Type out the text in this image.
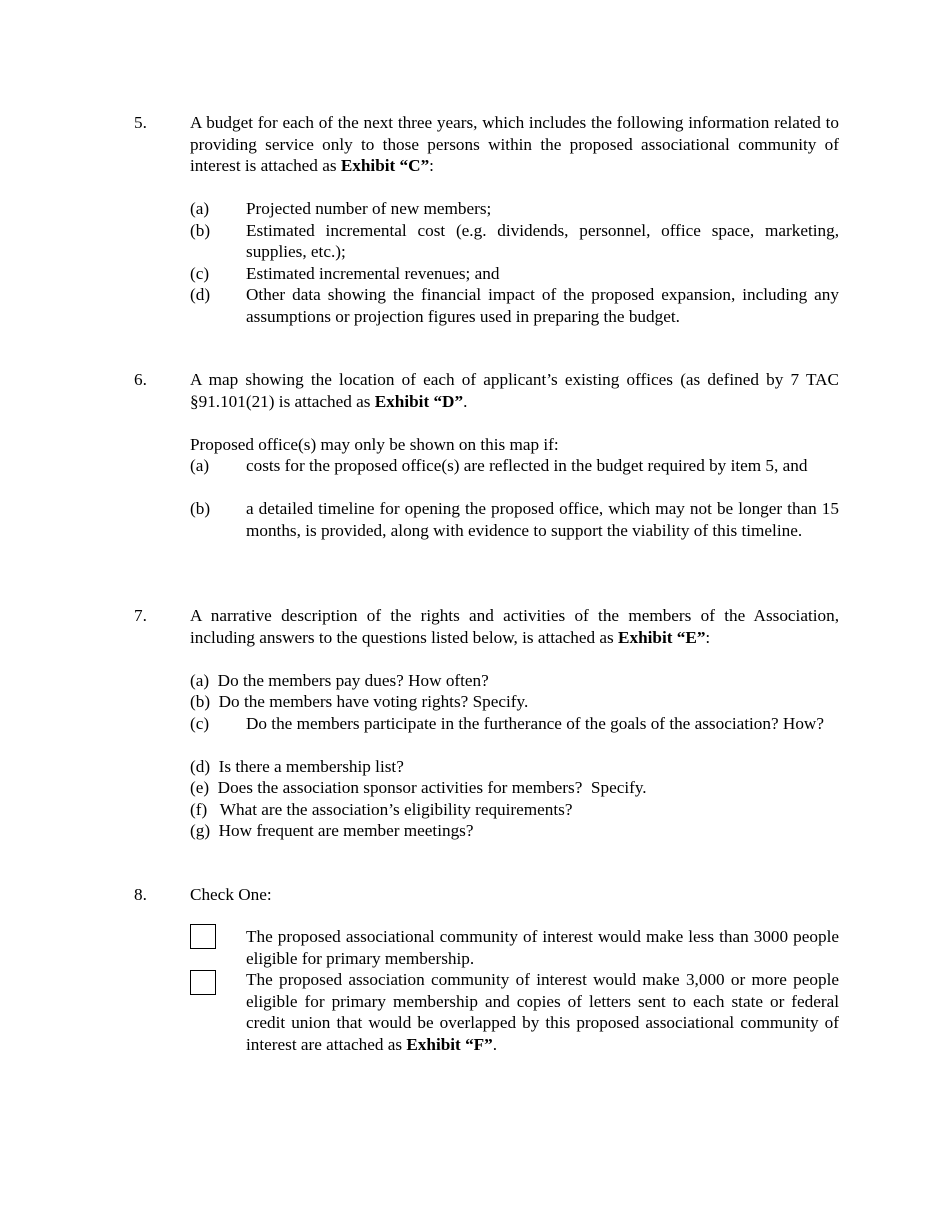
5.	A budget for each of the next three years, which includes the following information related to providing service only to those persons within the proposed associational community of interest is attached as Exhibit “C”:
(a) Projected number of new members;
(b) Estimated incremental cost (e.g. dividends, personnel, office space, marketing, supplies, etc.);
(c) Estimated incremental revenues; and
(d) Other data showing the financial impact of the proposed expansion, including any assumptions or projection figures used in preparing the budget.
6.	A map showing the location of each of applicant’s existing offices (as defined by 7 TAC §91.101(21) is attached as Exhibit “D”.
Proposed office(s) may only be shown on this map if:
(a) costs for the proposed office(s) are reflected in the budget required by item 5, and
(b) a detailed timeline for opening the proposed office, which may not be longer than 15 months, is provided, along with evidence to support the viability of this timeline.
7.	A narrative description of the rights and activities of the members of the Association, including answers to the questions listed below, is attached as Exhibit “E”:
(a)  Do the members pay dues? How often?
(b)  Do the members have voting rights? Specify.
(c) Do the members participate in the furtherance of the goals of the association? How?
(d)  Is there a membership list?
(e)  Does the association sponsor activities for members?  Specify.
(f)   What are the association’s eligibility requirements?
(g)  How frequent are member meetings?
8.	Check One:
The proposed associational community of interest would make less than 3000 people eligible for primary membership.
The proposed association community of interest would make 3,000 or more people eligible for primary membership and copies of letters sent to each state or federal credit union that would be overlapped by this proposed associational community of interest are attached as Exhibit “F”.
